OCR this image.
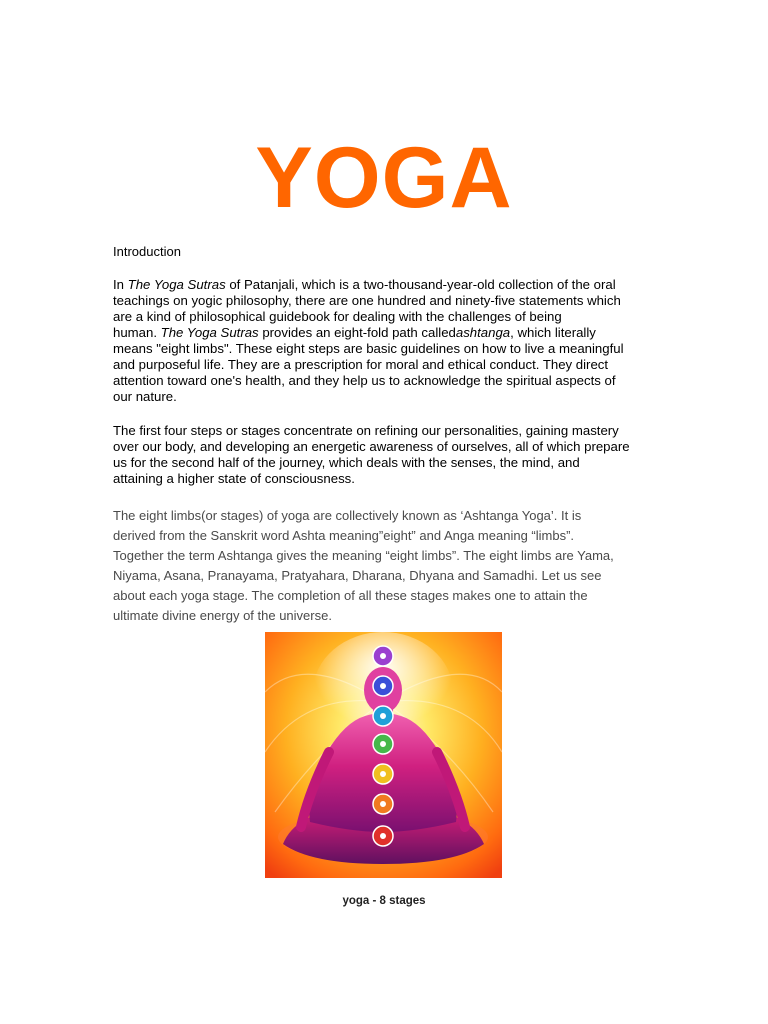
YOGA
Introduction
In The Yoga Sutras of Patanjali, which is a two-thousand-year-old collection of the oral
teachings on yogic philosophy, there are one hundred and ninety-five statements which
are a kind of philosophical guidebook for dealing with the challenges of being
human. The Yoga Sutras provides an eight-fold path calledashtanga, which literally
means "eight limbs". These eight steps are basic guidelines on how to live a meaningful
and purposeful life. They are a prescription for moral and ethical conduct. They direct
attention toward one's health, and they help us to acknowledge the spiritual aspects of
our nature.
The first four steps or stages concentrate on refining our personalities, gaining mastery
over our body, and developing an energetic awareness of ourselves, all of which prepare
us for the second half of the journey, which deals with the senses, the mind, and
attaining a higher state of consciousness.
The eight limbs(or stages) of yoga are collectively known as ‘Ashtanga Yoga’. It is
derived from the Sanskrit word Ashta meaning”eight” and Anga meaning “limbs”.
Together the term Ashtanga gives the meaning “eight limbs”. The eight limbs are Yama,
Niyama, Asana, Pranayama, Pratyahara, Dharana, Dhyana and Samadhi. Let us see
about each yoga stage. The completion of all these stages makes one to attain the
ultimate divine energy of the universe.
yoga - 8 stages
